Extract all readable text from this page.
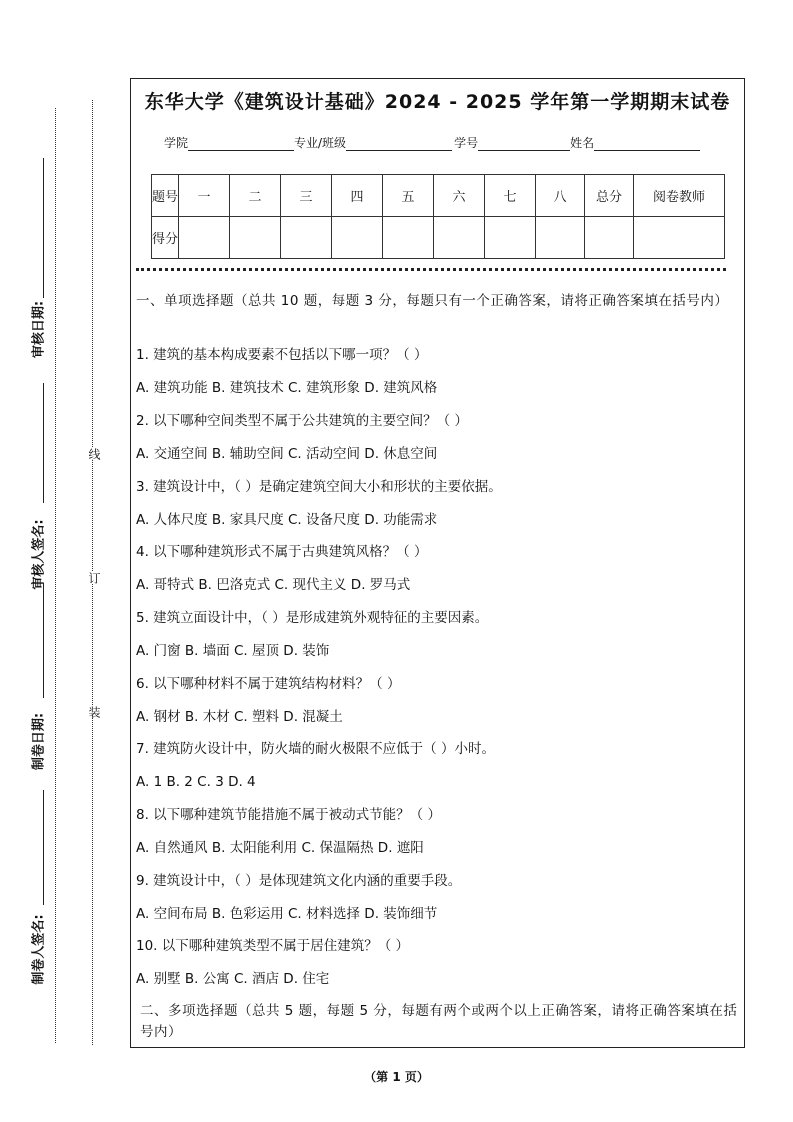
审核日期:
审核人签名:
制卷日期:
制卷人签名:
线
订
装
东华大学《建筑设计基础》2024 - 2025 学年第一学期期末试卷
学院	专业/班级	学号	姓名
题号	一	二	三	四	五	六	七	八	总分	阅卷教师
得分										
一、单项选择题（总共 10 题，每题 3 分，每题只有一个正确答案，请将正确答案填在括号内）
1. 建筑的基本构成要素不包括以下哪一项？（ ）
A. 建筑功能 B. 建筑技术 C. 建筑形象 D. 建筑风格
2. 以下哪种空间类型不属于公共建筑的主要空间？（ ）
A. 交通空间 B. 辅助空间 C. 活动空间 D. 休息空间
3. 建筑设计中，（ ）是确定建筑空间大小和形状的主要依据。
A. 人体尺度 B. 家具尺度 C. 设备尺度 D. 功能需求
4. 以下哪种建筑形式不属于古典建筑风格？（ ）
A. 哥特式 B. 巴洛克式 C. 现代主义 D. 罗马式
5. 建筑立面设计中，（ ）是形成建筑外观特征的主要因素。
A. 门窗 B. 墙面 C. 屋顶 D. 装饰
6. 以下哪种材料不属于建筑结构材料？（ ）
A. 钢材 B. 木材 C. 塑料 D. 混凝土
7. 建筑防火设计中，防火墙的耐火极限不应低于（ ）小时。
A. 1 B. 2 C. 3 D. 4
8. 以下哪种建筑节能措施不属于被动式节能？（ ）
A. 自然通风 B. 太阳能利用 C. 保温隔热 D. 遮阳
9. 建筑设计中，（ ）是体现建筑文化内涵的重要手段。
A. 空间布局 B. 色彩运用 C. 材料选择 D. 装饰细节
10. 以下哪种建筑类型不属于居住建筑？（ ）
A. 别墅 B. 公寓 C. 酒店 D. 住宅
二、多项选择题（总共 5 题，每题 5 分，每题有两个或两个以上正确答案，请将正确答案填在括号内）
（第 1 页）
